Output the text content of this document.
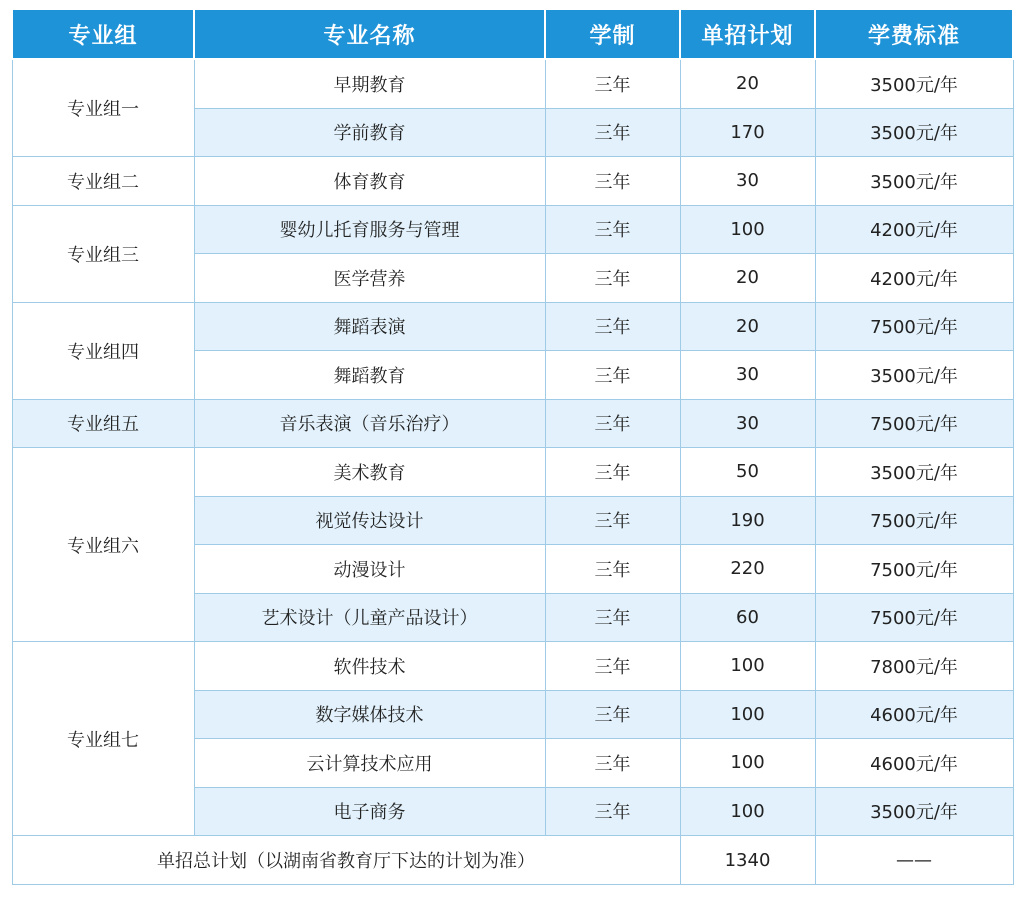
专业组	专业名称	学制	单招计划	学费标准
专业组一	早期教育	三年	20	3500元/年
	学前教育	三年	170	3500元/年
专业组二	体育教育	三年	30	3500元/年
专业组三	婴幼儿托育服务与管理	三年	100	4200元/年
	医学营养	三年	20	4200元/年
专业组四	舞蹈表演	三年	20	7500元/年
	舞蹈教育	三年	30	3500元/年
专业组五	音乐表演（音乐治疗）	三年	30	7500元/年
专业组六	美术教育	三年	50	3500元/年
	视觉传达设计	三年	190	7500元/年
	动漫设计	三年	220	7500元/年
	艺术设计（儿童产品设计）	三年	60	7500元/年
专业组七	软件技术	三年	100	7800元/年
	数字媒体技术	三年	100	4600元/年
	云计算技术应用	三年	100	4600元/年
	电子商务	三年	100	3500元/年
单招总计划（以湖南省教育厅下达的计划为准）			1340	——
